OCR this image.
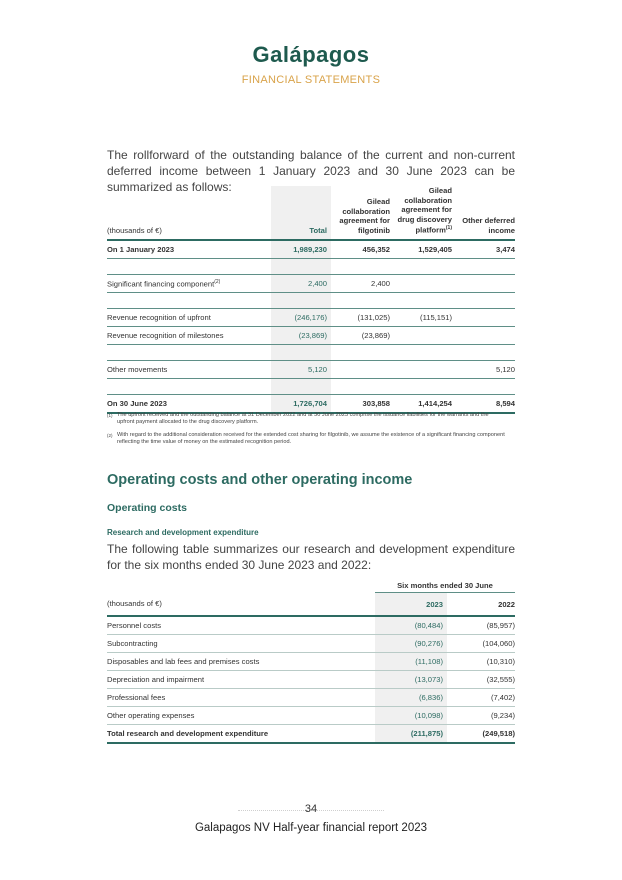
Galápagos
FINANCIAL STATEMENTS

The rollforward of the outstanding balance of the current and non-current deferred income between 1 January 2023 and 30 June 2023 can be summarized as follows:

(thousands of €)	Total	Gilead collaboration agreement for filgotinib	Gilead collaboration agreement for drug discovery platform$^{(1)}$	Other deferred income

On 1 January 2023	1,989,230	456,352	1,529,405	3,474

Significant financing component$^{(2)}$	2,400	2,400		

Revenue recognition of upfront	(246,176)	(131,025)	(115,151)	
Revenue recognition of milestones	(23,869)	(23,869)		

Other movements	5,120			5,120

On 30 June 2023	1,726,704	303,858	1,414,254	8,594
(1) The upfront received and the outstanding balance at 31 December 2022 and at 30 June 2023 comprise the issuance liabilities for the warrants and the upfront payment allocated to the drug discovery platform.
(2) With regard to the additional consideration received for the extended cost sharing for filgotinib, we assume the existence of a significant financing component reflecting the time value of money on the estimated recognition period.
Operating costs and other operating income
Operating costs
Research and development expenditure

The following table summarizes our research and development expenditure for the six months ended 30 June 2023 and 2022:

	Six months ended 30 June	
(thousands of €)	2023	2022
Personnel costs	(80,484)	(85,957)
Subcontracting	(90,276)	(104,060)
Disposables and lab fees and premises costs	(11,108)	(10,310)
Depreciation and impairment	(13,073)	(32,555)
Professional fees	(6,836)	(7,402)
Other operating expenses	(10,098)	(9,234)
Total research and development expenditure	(211,875)	(249,518)
34
Galapagos NV Half-year financial report 2023
